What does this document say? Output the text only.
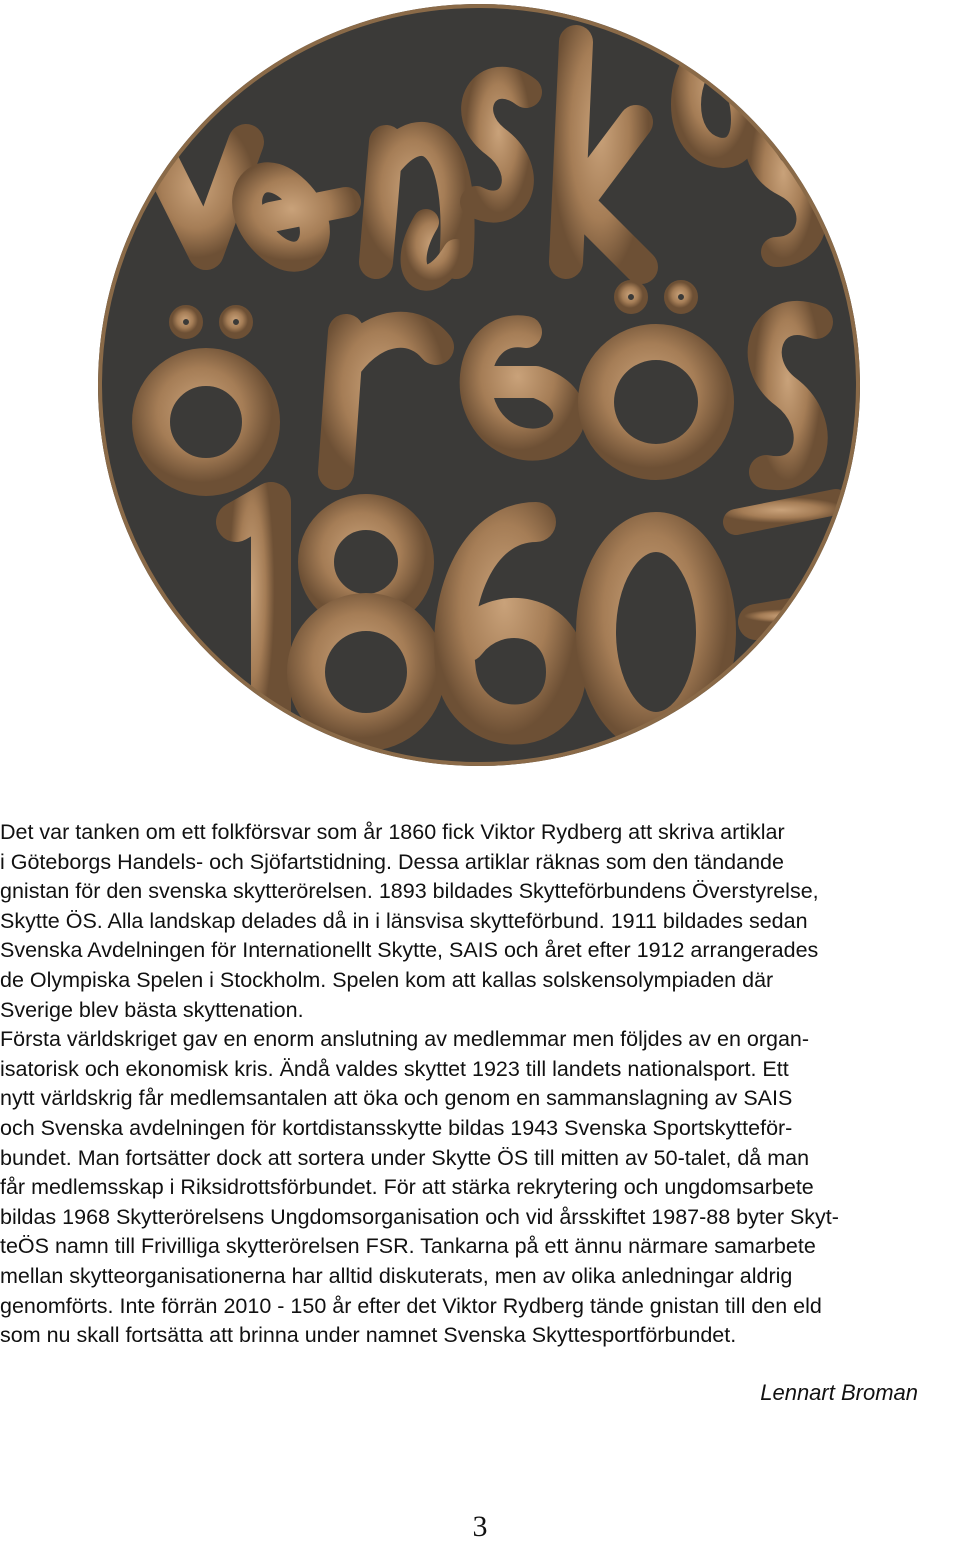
Det var tanken om ett folkförsvar som år 1860 fick Viktor Rydberg att skriva artiklar
i Göteborgs Handels- och Sjöfartstidning. Dessa artiklar räknas som den tändande
gnistan för den svenska skytterörelsen. 1893 bildades Skytteförbundens Överstyrelse,
Skytte ÖS. Alla landskap delades då in i länsvisa skytteförbund. 1911 bildades sedan
Svenska Avdelningen för Internationellt Skytte, SAIS och året efter 1912 arrangerades
de Olympiska Spelen i Stockholm. Spelen kom att kallas solskensolympiaden där
Sverige blev bästa skyttenation.
Första världskriget gav en enorm anslutning av medlemmar men följdes av en organ-
isatorisk och ekonomisk kris. Ändå valdes skyttet 1923 till landets nationalsport. Ett
nytt världskrig får medlemsantalen att öka och genom en sammanslagning av SAIS
och Svenska avdelningen för kortdistansskytte bildas 1943 Svenska Sportskytteför-
bundet. Man fortsätter dock att sortera under Skytte ÖS till mitten av 50-talet, då man
får medlemsskap i Riksidrottsförbundet. För att stärka rekrytering och ungdomsarbete
bildas 1968 Skytterörelsens Ungdomsorganisation och vid årsskiftet 1987-88 byter Skyt-
teÖS namn till Frivilliga skytterörelsen FSR. Tankarna på ett ännu närmare samarbete
mellan skytteorganisationerna har alltid diskuterats, men av olika anledningar aldrig
genomförts. Inte förrän 2010 - 150 år efter det Viktor Rydberg tände gnistan till den eld
som nu skall fortsätta att brinna under namnet Svenska Skyttesportförbundet.

Lennart Broman

3
